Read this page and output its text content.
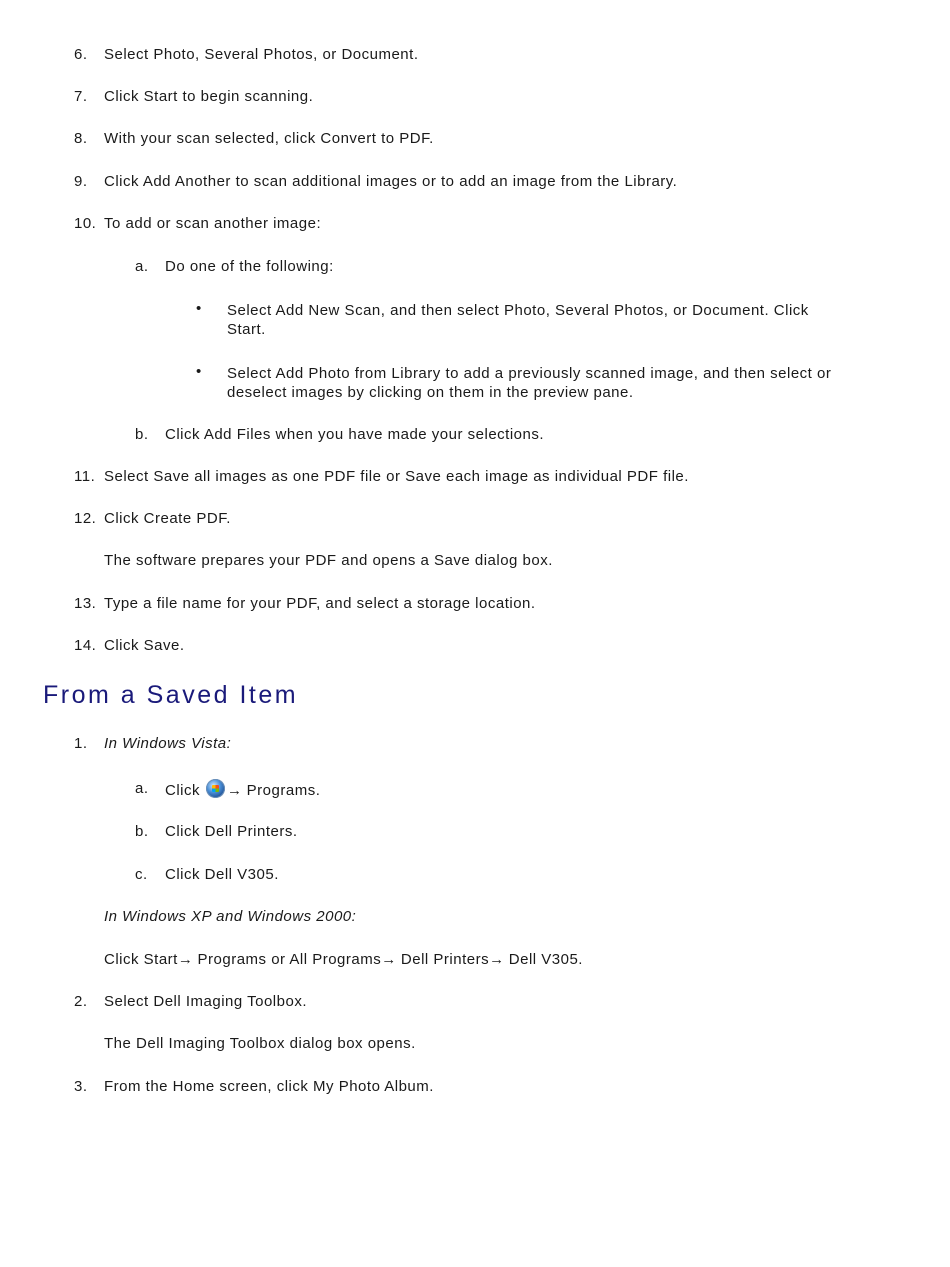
6. Select Photo, Several Photos, or Document.
7. Click Start to begin scanning.
8. With your scan selected, click Convert to PDF.
9. Click Add Another to scan additional images or to add an image from the Library.
10. To add or scan another image:
a. Do one of the following:
• Select Add New Scan, and then select Photo, Several Photos, or Document. Click Start.
• Select Add Photo from Library to add a previously scanned image, and then select or deselect images by clicking on them in the preview pane.
b. Click Add Files when you have made your selections.
11. Select Save all images as one PDF file or Save each image as individual PDF file.
12. Click Create PDF.
The software prepares your PDF and opens a Save dialog box.
13. Type a file name for your PDF, and select a storage location.
14. Click Save.
From a Saved Item
1. In Windows Vista:
a. Click → Programs.
b. Click Dell Printers.
c. Click Dell V305.
In Windows XP and Windows 2000:
Click Start→ Programs or All Programs→ Dell Printers→ Dell V305.
2. Select Dell Imaging Toolbox.
The Dell Imaging Toolbox dialog box opens.
3. From the Home screen, click My Photo Album.
